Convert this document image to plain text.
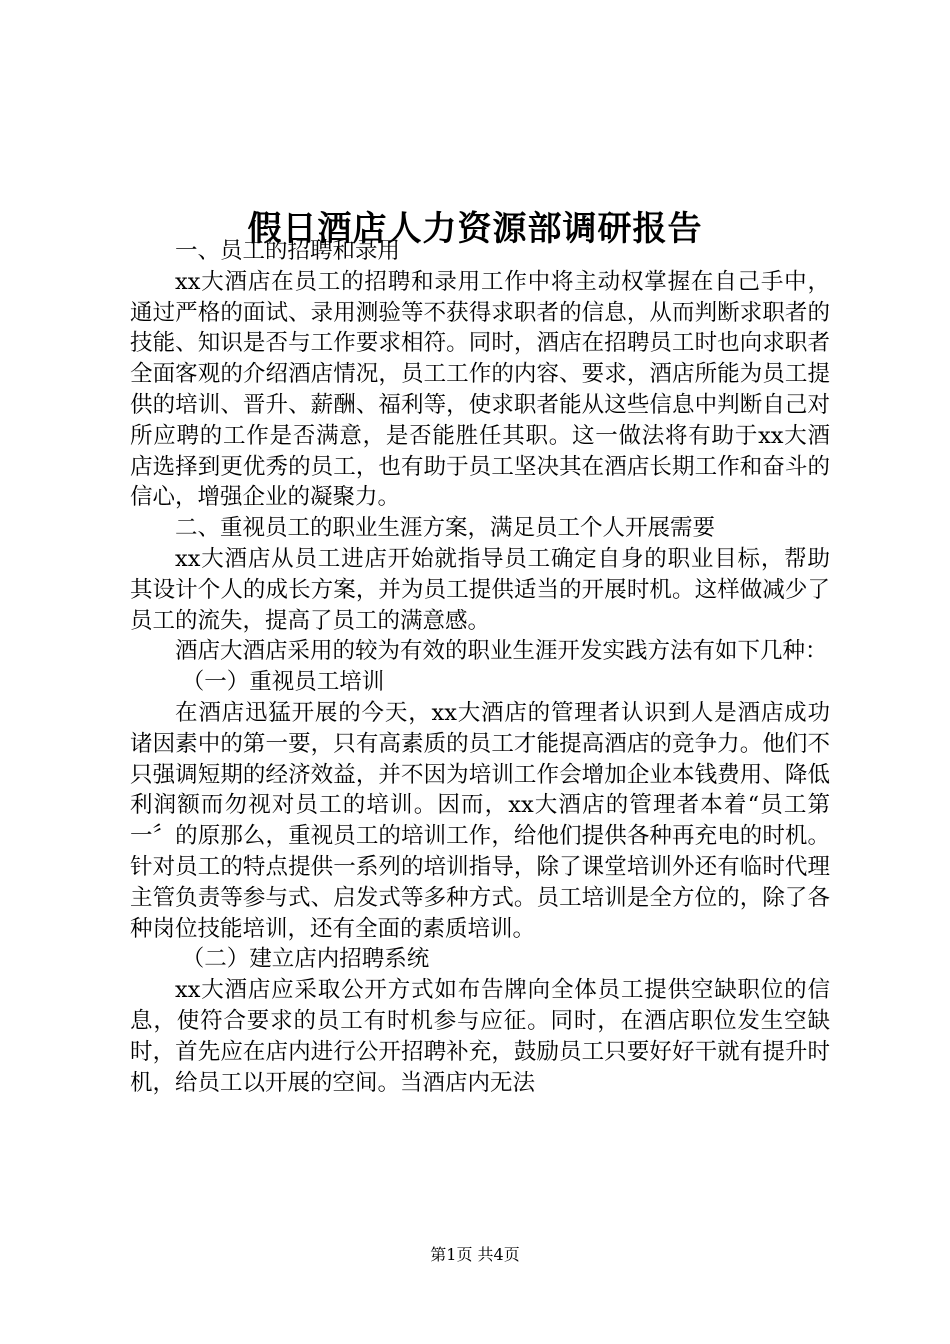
假日酒店人力资源部调研报告

一、员工的招聘和录用

xx大酒店在员工的招聘和录用工作中将主动权掌握在自己手中，通过严格的面试、录用测验等不获得求职者的信息，从而判断求职者的技能、知识是否与工作要求相符。同时，酒店在招聘员工时也向求职者全面客观的介绍酒店情况，员工工作的内容、要求，酒店所能为员工提供的培训、晋升、薪酬、福利等，使求职者能从这些信息中判断自己对所应聘的工作是否满意，是否能胜任其职。这一做法将有助于xx大酒店选择到更优秀的员工，也有助于员工坚决其在酒店长期工作和奋斗的信心，增强企业的凝聚力。

二、重视员工的职业生涯方案，满足员工个人开展需要

xx大酒店从员工进店开始就指导员工确定自身的职业目标，帮助其设计个人的成长方案，并为员工提供适当的开展时机。这样做减少了员工的流失，提高了员工的满意感。

酒店大酒店采用的较为有效的职业生涯开发实践方法有如下几种：

（一）重视员工培训

在酒店迅猛开展的今天，xx大酒店的管理者认识到人是酒店成功诸因素中的第一要，只有高素质的员工才能提高酒店的竞争力。他们不只强调短期的经济效益，并不因为培训工作会增加企业本钱费用、降低利润额而勿视对员工的培训。因而，xx大酒店的管理者本着“员工第一〞的原那么，重视员工的培训工作，给他们提供各种再充电的时机。针对员工的特点提供一系列的培训指导，除了课堂培训外还有临时代理主管负责等参与式、启发式等多种方式。员工培训是全方位的，除了各种岗位技能培训，还有全面的素质培训。

（二）建立店内招聘系统

xx大酒店应采取公开方式如布告牌向全体员工提供空缺职位的信息，使符合要求的员工有时机参与应征。同时，在酒店职位发生空缺时，首先应在店内进行公开招聘补充，鼓励员工只要好好干就有提升时机，给员工以开展的空间。当酒店内无法

第1页 共4页
